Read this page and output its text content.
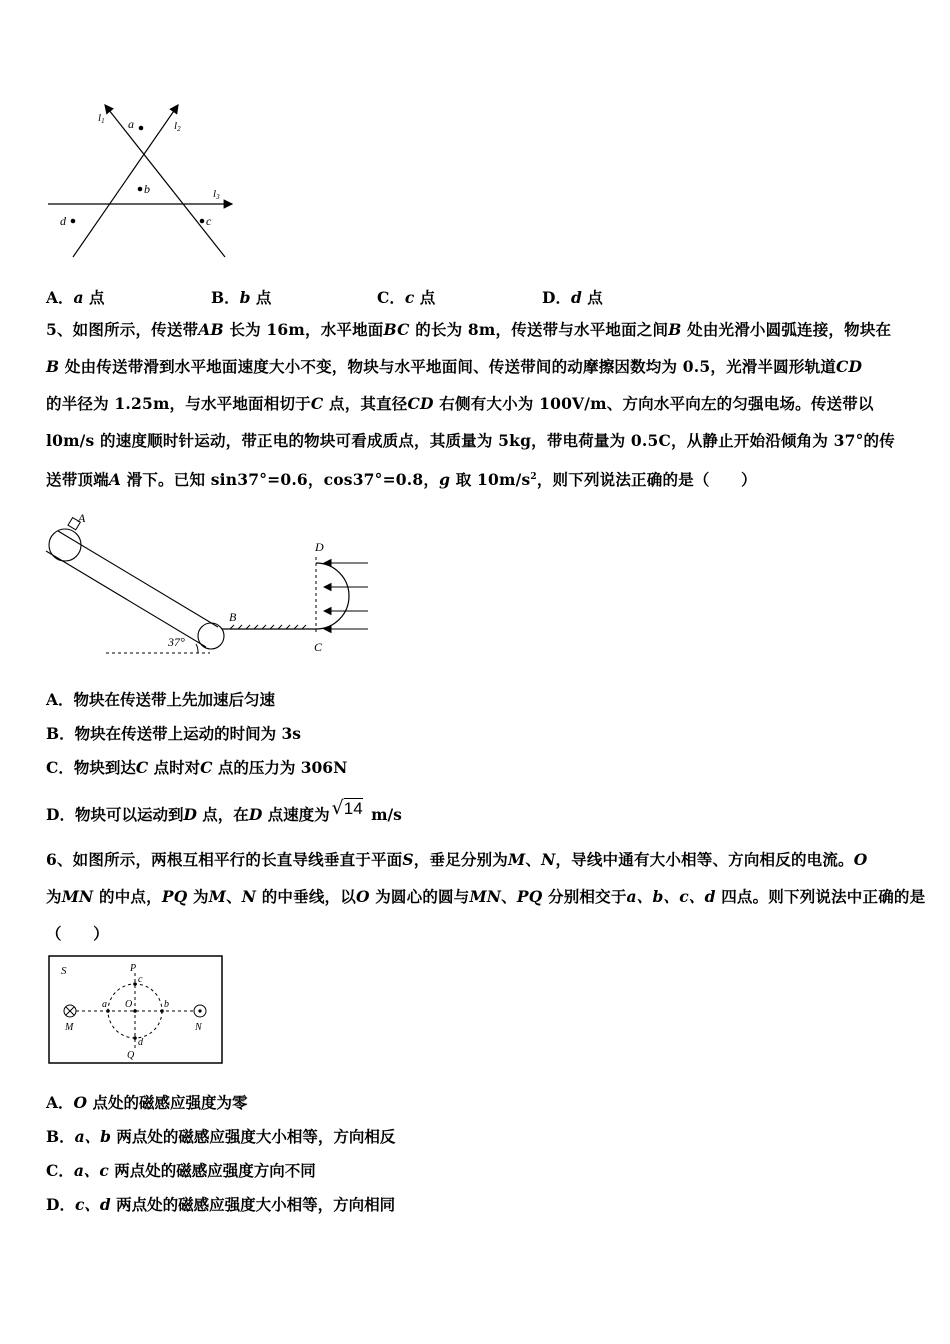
l1	l2
l3
a
b
c
d
A．a 点	B．b 点	C．c 点	D．d 点
5、如图所示，传送带AB 长为 16m，水平地面BC 的长为 8m，传送带与水平地面之间B 处由光滑小圆弧连接，物块在
B 处由传送带滑到水平地面速度大小不变，物块与水平地面间、传送带间的动摩擦因数均为 0.5，光滑半圆形轨道CD
的半径为 1.25m，与水平地面相切于C 点，其直径CD 右侧有大小为 100V/m、方向水平向左的匀强电场。传送带以
l0m/s 的速度顺时针运动，带正电的物块可看成质点，其质量为 5kg，带电荷量为 0.5C，从静止开始沿倾角为 37°的传
送带顶端A 滑下。已知 sin37°=0.6，cos37°=0.8，g 取 $10m/s^2$，则下列说法正确的是（　　）
A
B
37°
D
C
A．物块在传送带上先加速后匀速
B．物块在传送带上运动的时间为 3s
C．物块到达C 点时对C 点的压力为 306N
D．物块可以运动到D 点，在D 点速度为 √14 m/s
6、如图所示，两根互相平行的长直导线垂直于平面S，垂足分别为M、N，导线中通有大小相等、方向相反的电流。O
为MN 的中点，PQ 为M、N 的中垂线，以O 为圆心的圆与MN、PQ 分别相交于a、b、c、d 四点。则下列说法中正确的是
（　　）
S	P
c
a O	b
d
Q
M	N
A．O 点处的磁感应强度为零
B．a、b 两点处的磁感应强度大小相等，方向相反
C．a、c 两点处的磁感应强度方向不同
D．c、d 两点处的磁感应强度大小相等，方向相同
